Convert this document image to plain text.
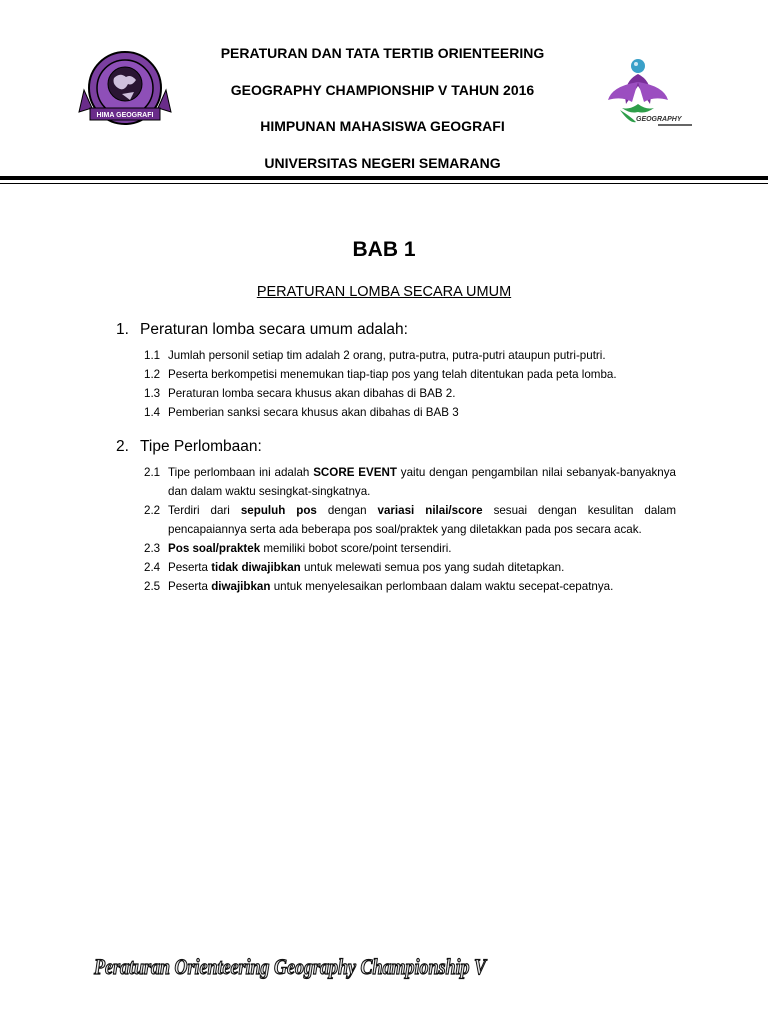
HIMA GEOGRAFI
PERATURAN DAN TATA TERTIB ORIENTEERING
GEOGRAPHY CHAMPIONSHIP V TAHUN 2016
HIMPUNAN MAHASISWA GEOGRAFI
UNIVERSITAS NEGERI SEMARANG
GEOGRAPHY
BAB 1
PERATURAN LOMBA SECARA UMUM
1. Peraturan lomba secara umum adalah:
1.1 Jumlah personil setiap tim adalah 2 orang, putra-putra, putra-putri ataupun putri-putri.
1.2 Peserta berkompetisi menemukan tiap-tiap pos yang telah ditentukan pada peta lomba.
1.3 Peraturan lomba secara khusus akan dibahas di BAB 2.
1.4 Pemberian sanksi secara khusus akan dibahas di BAB 3
2. Tipe Perlombaan:
2.1 Tipe perlombaan ini adalah SCORE EVENT yaitu dengan pengambilan nilai sebanyak-banyaknya dan dalam waktu sesingkat-singkatnya.
2.2 Terdiri dari sepuluh pos dengan variasi nilai/score sesuai dengan kesulitan dalam pencapaiannya serta ada beberapa pos soal/praktek yang diletakkan pada pos secara acak.
2.3 Pos soal/praktek memiliki bobot score/point tersendiri.
2.4 Peserta tidak diwajibkan untuk melewati semua pos yang sudah ditetapkan.
2.5 Peserta diwajibkan untuk menyelesaikan perlombaan dalam waktu secepat-cepatnya.
Peraturan Orienteering Geography Championship V
